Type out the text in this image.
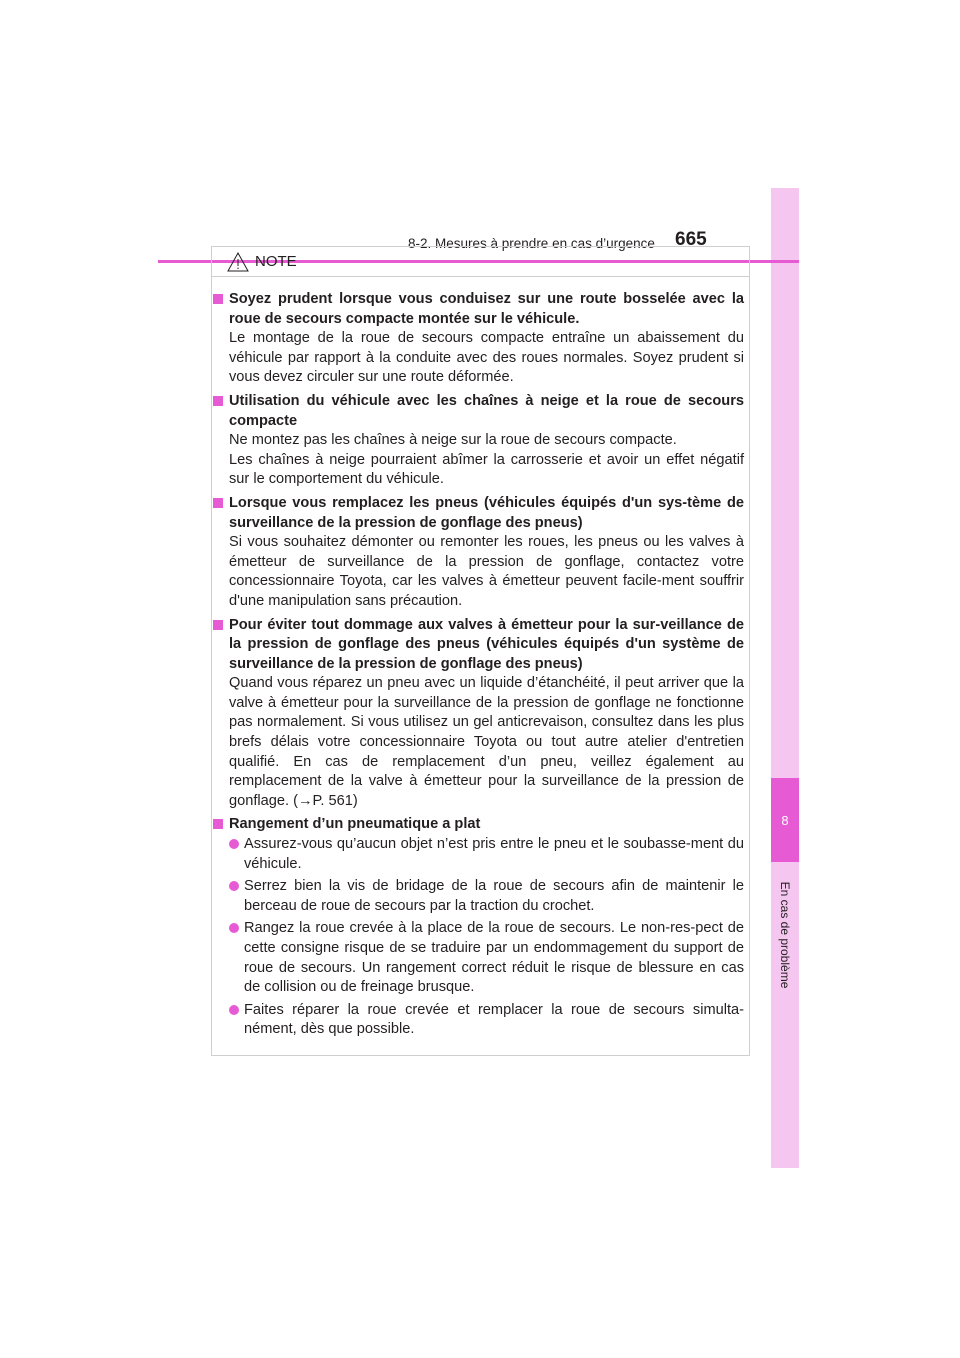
8
En cas de problème
8-2. Mesures à prendre en cas d’urgence 665
NOTE
Soyez prudent lorsque vous conduisez sur une route bosselée avec la roue de secours compacte montée sur le véhicule.
Le montage de la roue de secours compacte entraîne un abaissement du véhicule par rapport à la conduite avec des roues normales. Soyez prudent si vous devez circuler sur une route déformée.
Utilisation du véhicule avec les chaînes à neige et la roue de secours compacte
Ne montez pas les chaînes à neige sur la roue de secours compacte.
Les chaînes à neige pourraient abîmer la carrosserie et avoir un effet négatif sur le comportement du véhicule.
Lorsque vous remplacez les pneus (véhicules équipés d'un sys-tème de surveillance de la pression de gonflage des pneus)
Si vous souhaitez démonter ou remonter les roues, les pneus ou les valves à émetteur de surveillance de la pression de gonflage, contactez votre concessionnaire Toyota, car les valves à émetteur peuvent facile-ment souffrir d'une manipulation sans précaution.
Pour éviter tout dommage aux valves à émetteur pour la sur-veillance de la pression de gonflage des pneus (véhicules équipés d'un système de surveillance de la pression de gonflage des pneus)
Quand vous réparez un pneu avec un liquide d’étanchéité, il peut arriver que la valve à émetteur pour la surveillance de la pression de gonflage ne fonctionne pas normalement. Si vous utilisez un gel anticrevaison, consultez dans les plus brefs délais votre concessionnaire Toyota ou tout autre atelier d'entretien qualifié. En cas de remplacement d’un pneu, veillez également au remplacement de la valve à émetteur pour la surveillance de la pression de gonflage. (→P. 561)
Rangement d’un pneumatique a plat
Assurez-vous qu’aucun objet n’est pris entre le pneu et le soubasse-ment du véhicule.
Serrez bien la vis de bridage de la roue de secours afin de maintenir le berceau de roue de secours par la traction du crochet.
Rangez la roue crevée à la place de la roue de secours. Le non-res-pect de cette consigne risque de se traduire par un endommagement du support de roue de secours. Un rangement correct réduit le risque de blessure en cas de collision ou de freinage brusque.
Faites réparer la roue crevée et remplacer la roue de secours simulta-nément, dès que possible.
